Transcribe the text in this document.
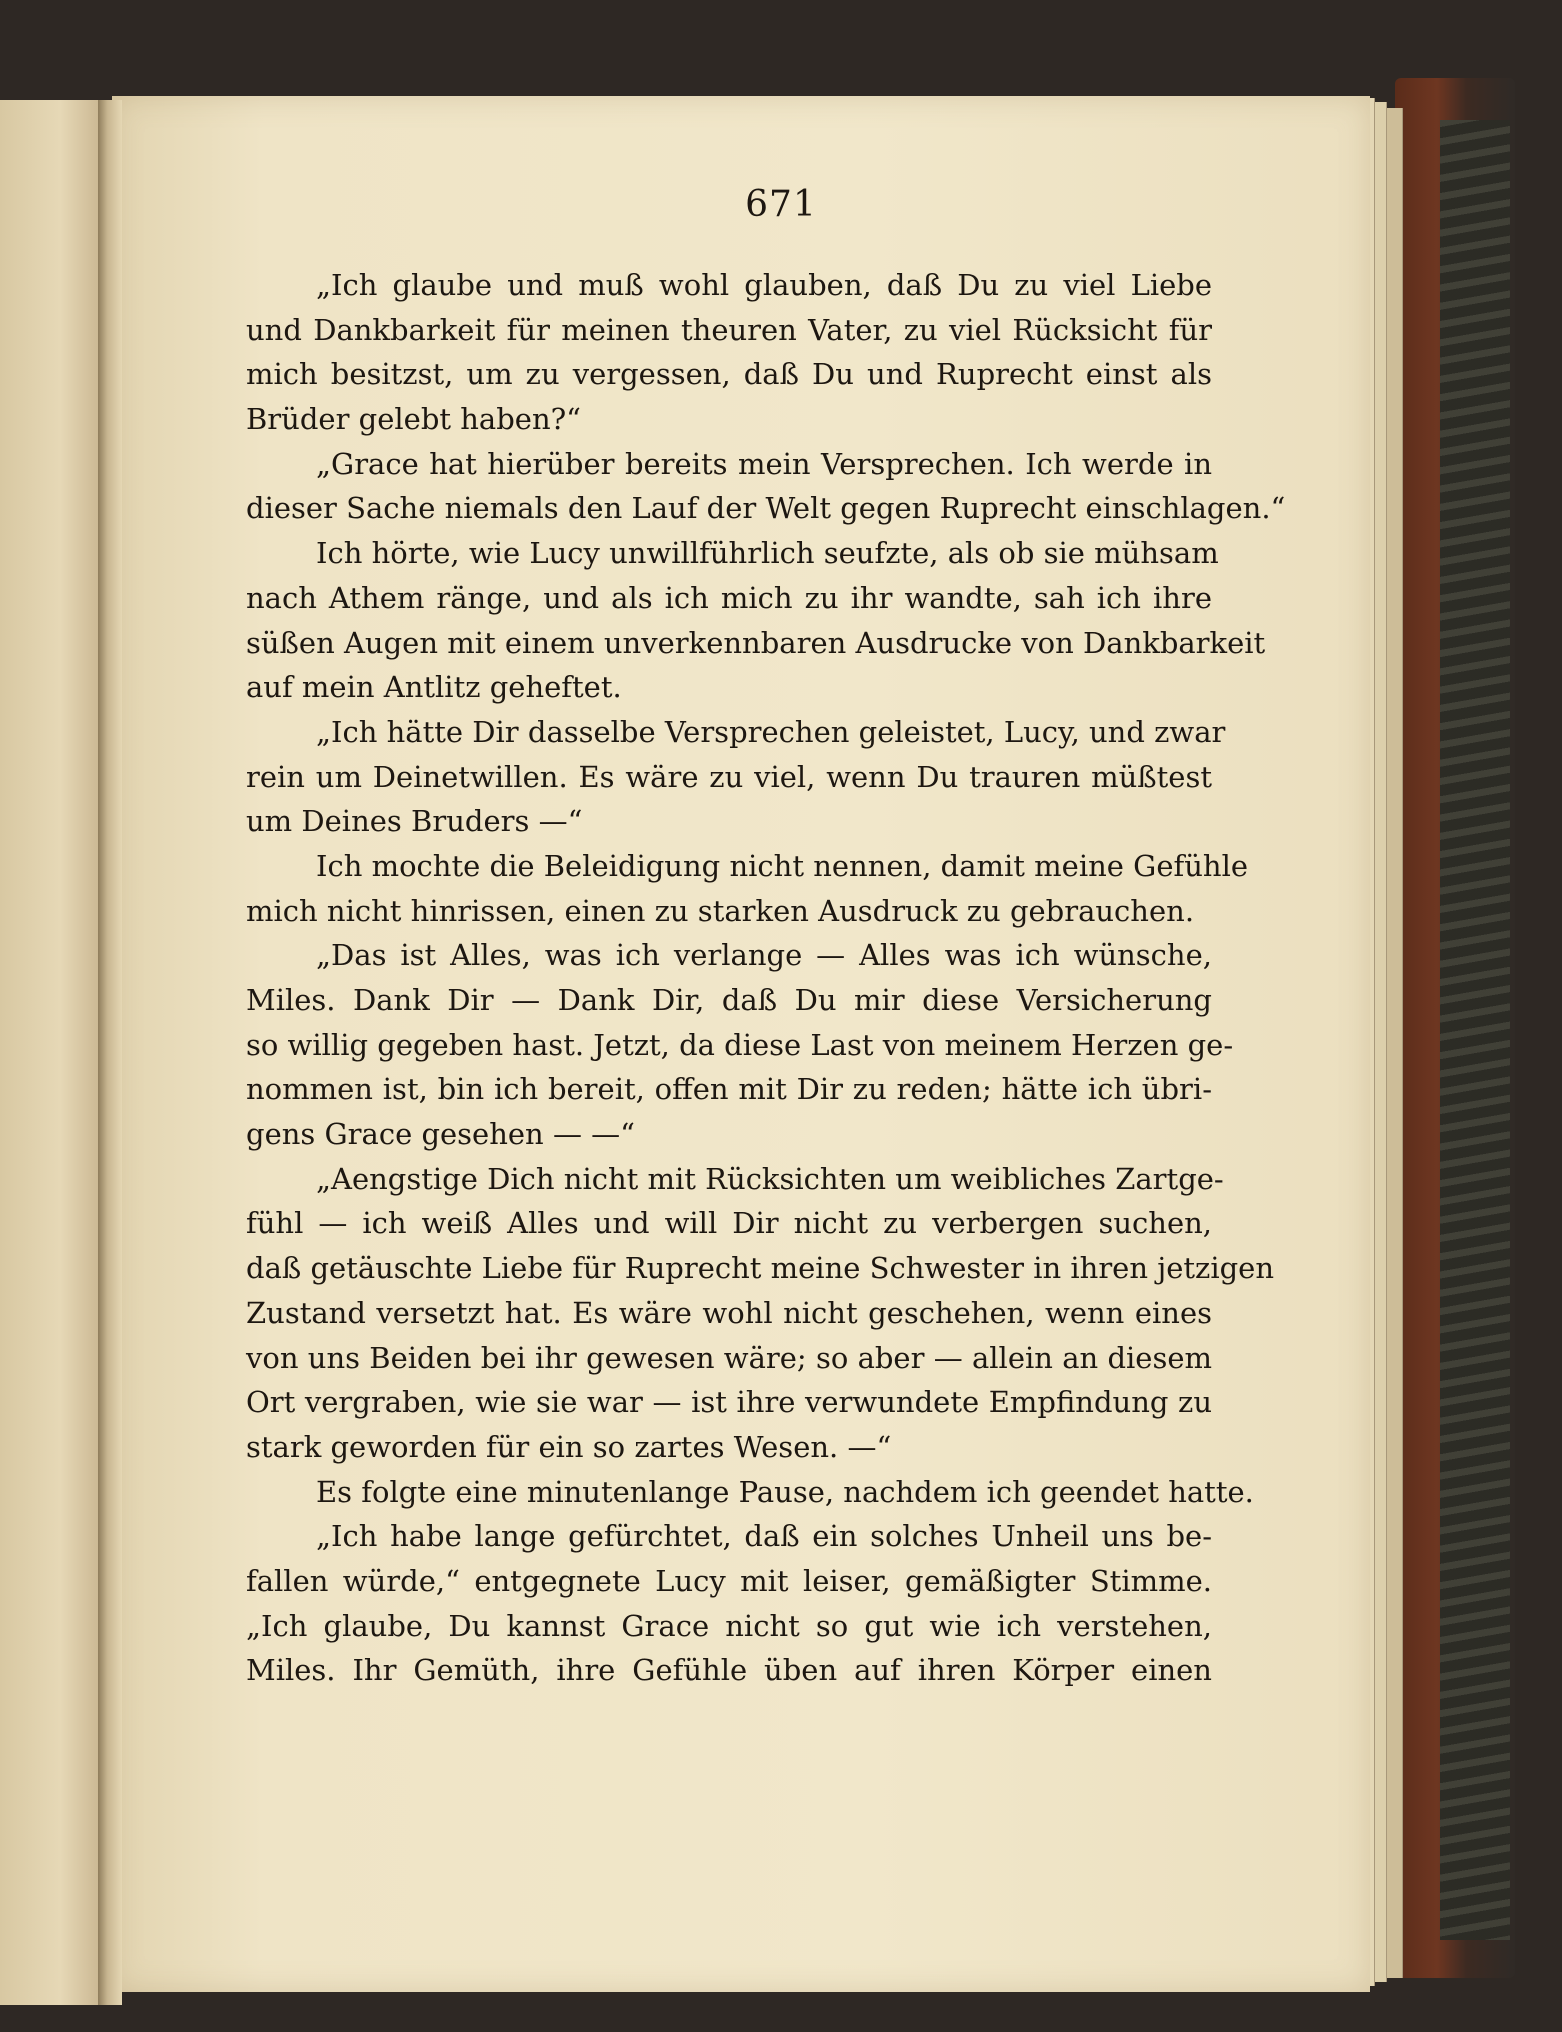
671
„Ich glaube und muß wohl glauben, daß Du zu viel Liebe
und Dankbarkeit für meinen theuren Vater, zu viel Rücksicht für
mich besitzst, um zu vergessen, daß Du und Ruprecht einst als
Brüder gelebt haben?“
„Grace hat hierüber bereits mein Versprechen. Ich werde in
dieser Sache niemals den Lauf der Welt gegen Ruprecht einschlagen.“
Ich hörte, wie Lucy unwillführlich seufzte, als ob sie mühsam
nach Athem ränge, und als ich mich zu ihr wandte, sah ich ihre
süßen Augen mit einem unverkennbaren Ausdrucke von Dankbarkeit
auf mein Antlitz geheftet.
„Ich hätte Dir dasselbe Versprechen geleistet, Lucy, und zwar
rein um Deinetwillen. Es wäre zu viel, wenn Du trauren müßtest
um Deines Bruders —“
Ich mochte die Beleidigung nicht nennen, damit meine Gefühle
mich nicht hinrissen, einen zu starken Ausdruck zu gebrauchen.
„Das ist Alles, was ich verlange — Alles was ich wünsche,
Miles. Dank Dir — Dank Dir, daß Du mir diese Versicherung
so willig gegeben hast. Jetzt, da diese Last von meinem Herzen ge-
nommen ist, bin ich bereit, offen mit Dir zu reden; hätte ich übri-
gens Grace gesehen — —“
„Aengstige Dich nicht mit Rücksichten um weibliches Zartge-
fühl — ich weiß Alles und will Dir nicht zu verbergen suchen,
daß getäuschte Liebe für Ruprecht meine Schwester in ihren jetzigen
Zustand versetzt hat. Es wäre wohl nicht geschehen, wenn eines
von uns Beiden bei ihr gewesen wäre; so aber — allein an diesem
Ort vergraben, wie sie war — ist ihre verwundete Empfindung zu
stark geworden für ein so zartes Wesen. —“
Es folgte eine minutenlange Pause, nachdem ich geendet hatte.
„Ich habe lange gefürchtet, daß ein solches Unheil uns be-
fallen würde,“ entgegnete Lucy mit leiser, gemäßigter Stimme.
„Ich glaube, Du kannst Grace nicht so gut wie ich verstehen,
Miles. Ihr Gemüth, ihre Gefühle üben auf ihren Körper einen
